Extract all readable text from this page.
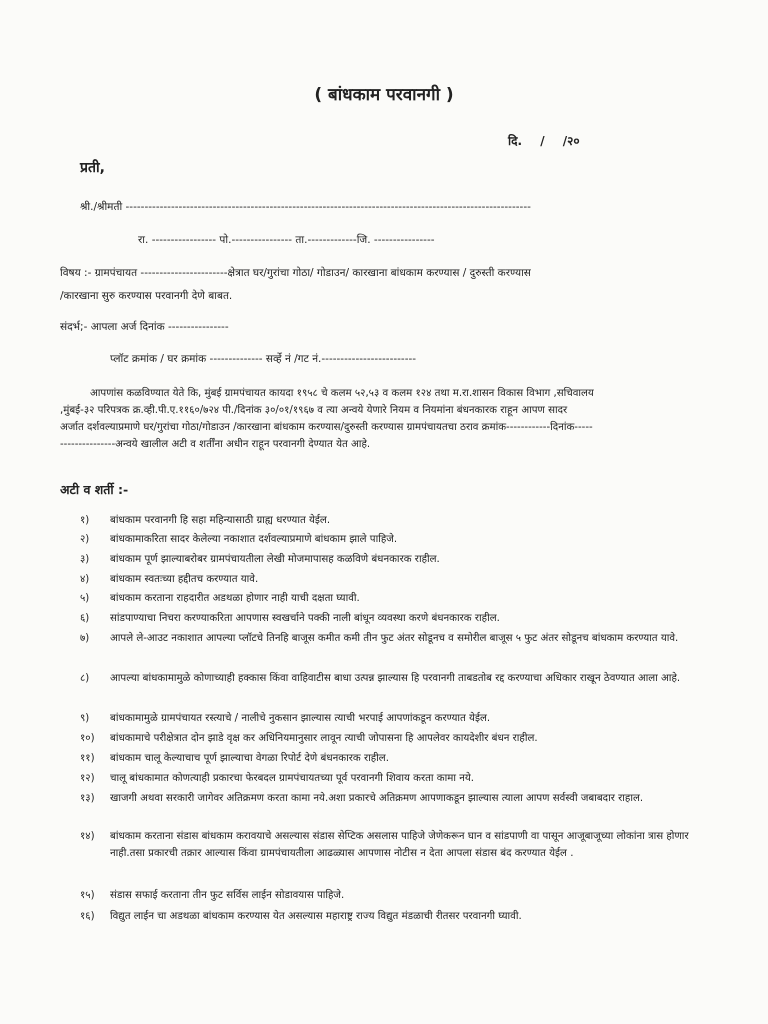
( बांधकाम परवानगी )
दि. / /२०
प्रती,
श्री./श्रीमती -----------------------------------------------------------------------------------------------------------
रा. ----------------- पो.---------------- ता.-------------जि. ----------------
विषय :- ग्रामपंचायत -----------------------क्षेत्रात घर/गुरांचा गोठा/ गोडाउन/ कारखाना बांधकाम करण्यास / दुरुस्ती करण्यास
/कारखाना सुरु करण्यास परवानगी देणे बाबत.
संदर्भ;- आपला अर्ज दिनांक ----------------
प्लॉट क्रमांक / घर क्रमांक -------------- सर्व्हे नं /गट नं.-------------------------
आपणांस कळविण्यात येते कि, मुंबई ग्रामपंचायत कायदा १९५८ चे कलम ५२,५३ व कलम १२४ तथा म.रा.शासन विकास विभाग ,सचिवालय
,मुंबई-३२ परिपत्रक क्र.व्ही.पी.ए.११६०/७२४ पी./दिनांक ३०/०१/१९६७ व त्या अन्वये येणारे नियम व नियमांना बंधनकारक राहून आपण सादर
अर्जात दर्शवल्याप्रमाणे घर/गुरांचा गोठा/गोडाउन /कारखाना बांधकाम करण्यास/दुरुस्ती करण्यास ग्रामपंचायतचा ठराव क्रमांक------------दिनांक-----
---------------अन्वये खालील अटी व शर्तींना अधीन राहून परवानगी देण्यात येत आहे.
अटी व शर्ती :-
१)	बांधकाम परवानगी हि सहा महिन्यासाठी ग्राह्य धरण्यात येईल.
२)	बांधकामाकरिता सादर केलेल्या नकाशात दर्शवल्याप्रमाणे बांधकाम झाले पाहिजे.
३)	बांधकाम पूर्ण झाल्याबरोबर ग्रामपंचायतीला लेखी मोजमापासह कळविणे बंधनकारक राहील.
४)	बांधकाम स्वतःच्या हद्दीतच करण्यात यावे.
५)	बांधकाम करताना राहदारीत अडथळा होणार नाही याची दक्षता घ्यावी.
६)	सांडपाण्याचा निचरा करण्याकरिता आपणास स्वखर्चाने पक्की नाली बांधून व्यवस्था करणे बंधनकारक राहील.
७)	आपले ले-आउट नकाशात आपल्या प्लॉटचे तिनहि बाजूस कमीत कमी तीन फुट अंतर सोडूनच व समोरील बाजूस ५ फुट अंतर सोडूनच बांधकाम करण्यात यावे.
८)	आपल्या बांधकामामुळे कोणाच्याही हक्कास किंवा वाहिवाटीस बाधा उत्पन्न झाल्यास हि परवानगी ताबडतोब रद्द करण्याचा अधिकार राखून ठेवण्यात आला आहे.
९)	बांधकामामुळे ग्रामपंचायत रस्त्याचे / नालीचे नुकसान झाल्यास त्याची भरपाई आपणांकडून करण्यात येईल.
१०)	बांधकामाचे परीक्षेत्रात दोन झाडे वृक्ष कर अधिनियमानुसार लावून त्याची जोपासना हि आपलेवर कायदेशीर बंधन राहील.
११)	बांधकाम चालू केल्याचाच पूर्ण झाल्याचा वेगळा रिपोर्ट देणे बंधनकारक राहील.
१२)	चालू बांधकामात कोणत्याही प्रकारचा फेरबदल ग्रामपंचायतच्या पूर्व परवानगी शिवाय करता कामा नये.
१३)	खाजगी अथवा सरकारी जागेवर अतिक्रमण करता कामा नये.अशा प्रकारचे अतिक्रमण आपणाकडून झाल्यास त्याला आपण सर्वस्वी जबाबदार राहाल.
१४)	बांधकाम करताना संडास बांधकाम करावयाचे असल्यास संडास सेप्टिक असलास पाहिजे जेणेकरून घान व सांडपाणी वा पासून आजूबाजूच्या लोकांना त्रास होणार नाही.तसा प्रकारची तक्रार आल्यास किंवा ग्रामपंचायतीला आढळ्यास आपणास नोटीस न देता आपला संडास बंद करण्यात येईल .
१५)	संडास सफाई करताना तीन फुट सर्विस लाईन सोडावयास पाहिजे.
१६)	विद्युत लाईन चा अडथळा बांधकाम करण्यास येत असल्यास महाराष्ट्र राज्य विद्युत मंडळाची रीतसर परवानगी घ्यावी.
